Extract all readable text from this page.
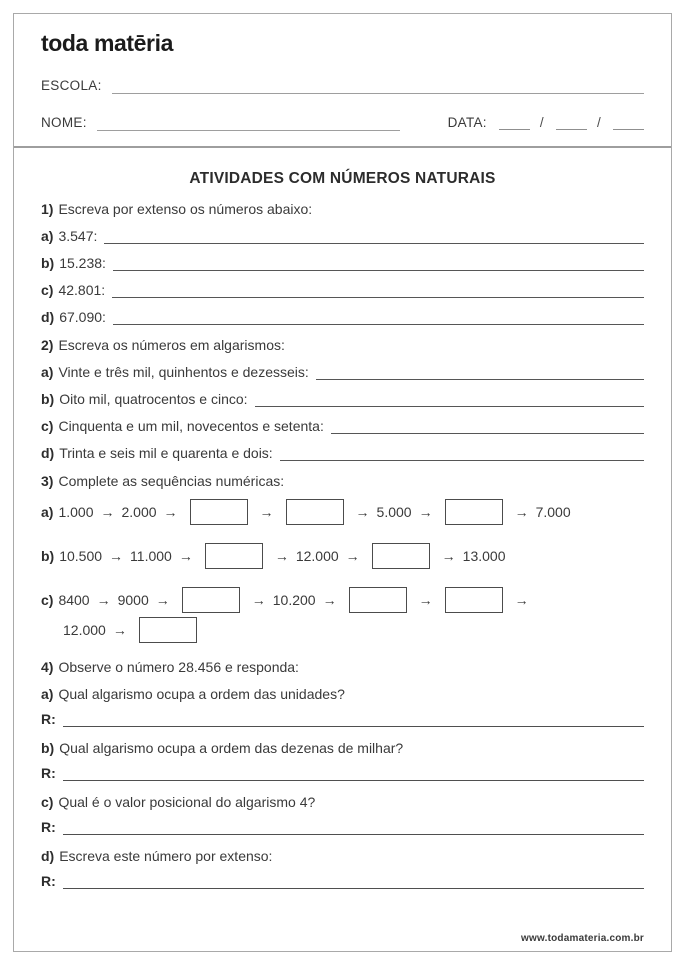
toda matēria
ESCOLA:
NOME:	DATA:	/	/
ATIVIDADES COM NÚMEROS NATURAIS

1) Escreva por extenso os números abaixo:

a) 3.547:
b) 15.238:
c) 42.801:
d) 67.090:

2) Escreva os números em algarismos:

a) Vinte e três mil, quinhentos e dezesseis:
b) Oito mil, quatrocentos e cinco:
c) Cinquenta e um mil, novecentos e setenta:
d) Trinta e seis mil e quarenta e dois:

3) Complete as sequências numéricas:

a) 1.000 → 2.000 →	→	→ 5.000 →	→ 7.000
b) 10.500 → 11.000 →	→ 12.000 →	→ 13.000
c) 8400 → 9000 →	→ 10.200 →	→	→
12.000 →

4) Observe o número 28.456 e responda:

a) Qual algarismo ocupa a ordem das unidades?

R:

b) Qual algarismo ocupa a ordem das dezenas de milhar?

R:

c) Qual é o valor posicional do algarismo 4?

R:

d) Escreva este número por extenso:

R:
www.todamateria.com.br
